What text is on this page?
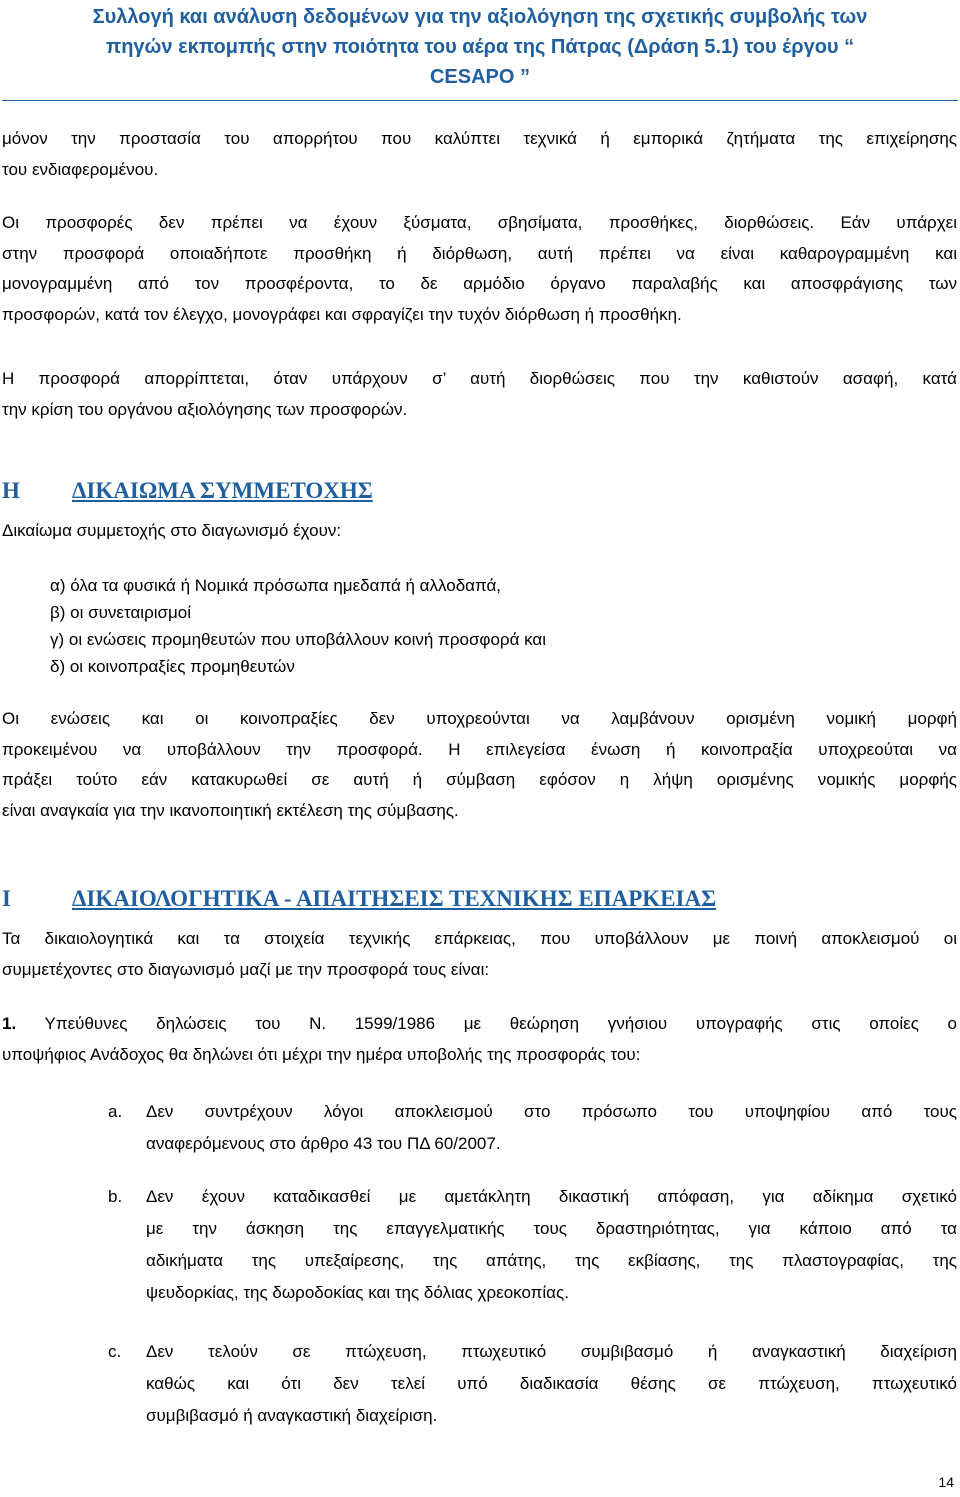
Συλλογή και ανάλυση δεδομένων για την αξιολόγηση της σχετικής συμβολής των
πηγών εκπομπής στην ποιότητα του αέρα της Πάτρας (Δράση 5.1) του έργου “
CESAPO ”
μόνον την προστασία του απορρήτου που καλύπτει τεχνικά ή εμπορικά ζητήματα της επιχείρησης
του ενδιαφερομένου.
Οι προσφορές δεν πρέπει να έχουν ξύσματα, σβησίματα, προσθήκες, διορθώσεις. Εάν υπάρχει
στην προσφορά οποιαδήποτε προσθήκη ή διόρθωση, αυτή πρέπει να είναι καθαρογραμμένη και
μονογραμμένη από τον προσφέροντα, το δε αρμόδιο όργανο παραλαβής και αποσφράγισης των
προσφορών, κατά τον έλεγχο, μονογράφει και σφραγίζει την τυχόν διόρθωση ή προσθήκη.
Η προσφορά απορρίπτεται, όταν υπάρχουν σ’ αυτή διορθώσεις που την καθιστούν ασαφή, κατά
την κρίση του οργάνου αξιολόγησης των προσφορών.
Η ΔΙΚΑΙΩΜΑ ΣΥΜΜΕΤΟΧΗΣ
Δικαίωμα συμμετοχής στο διαγωνισμό έχουν:
α) όλα τα φυσικά ή Νομικά πρόσωπα ημεδαπά ή αλλοδαπά,
β) οι συνεταιρισμοί
γ) οι ενώσεις προμηθευτών που υποβάλλουν κοινή προσφορά και
δ) οι κοινοπραξίες προμηθευτών
Οι ενώσεις και οι κοινοπραξίες δεν υποχρεούνται να λαμβάνουν ορισμένη νομική μορφή
προκειμένου να υποβάλλουν την προσφορά. Η επιλεγείσα ένωση ή κοινοπραξία υποχρεούται να
πράξει τούτο εάν κατακυρωθεί σε αυτή ή σύμβαση εφόσον η λήψη ορισμένης νομικής μορφής
είναι αναγκαία για την ικανοποιητική εκτέλεση της σύμβασης.
Ι	ΔΙΚΑΙΟΛΟΓΗΤΙΚΑ - ΑΠΑΙΤΗΣΕΙΣ ΤΕΧΝΙΚΗΣ ΕΠΑΡΚΕΙΑΣ
Τα δικαιολογητικά και τα στοιχεία τεχνικής επάρκειας, που υποβάλλουν με ποινή αποκλεισμού οι
συμμετέχοντες στο διαγωνισμό μαζί με την προσφορά τους είναι:
1. Υπεύθυνες δηλώσεις του Ν. 1599/1986 με θεώρηση γνήσιου υπογραφής στις οποίες ο
υποψήφιος Ανάδοχος θα δηλώνει ότι μέχρι την ημέρα υποβολής της προσφοράς του:
a. Δεν συντρέχουν λόγοι αποκλεισμού στο πρόσωπο του υποψηφίου από τους
αναφερόμενους στο άρθρο 43 του ΠΔ 60/2007.
b. Δεν έχουν καταδικασθεί με αμετάκλητη δικαστική απόφαση, για αδίκημα σχετικό
με την άσκηση της επαγγελματικής τους δραστηριότητας, για κάποιο από τα
αδικήματα της υπεξαίρεσης, της απάτης, της εκβίασης, της πλαστογραφίας, της
ψευδορκίας, της δωροδοκίας και της δόλιας χρεοκοπίας.
c. Δεν τελούν σε πτώχευση, πτωχευτικό συμβιβασμό ή αναγκαστική διαχείριση
καθώς και ότι δεν τελεί υπό διαδικασία θέσης σε πτώχευση, πτωχευτικό
συμβιβασμό ή αναγκαστική διαχείριση.
14
